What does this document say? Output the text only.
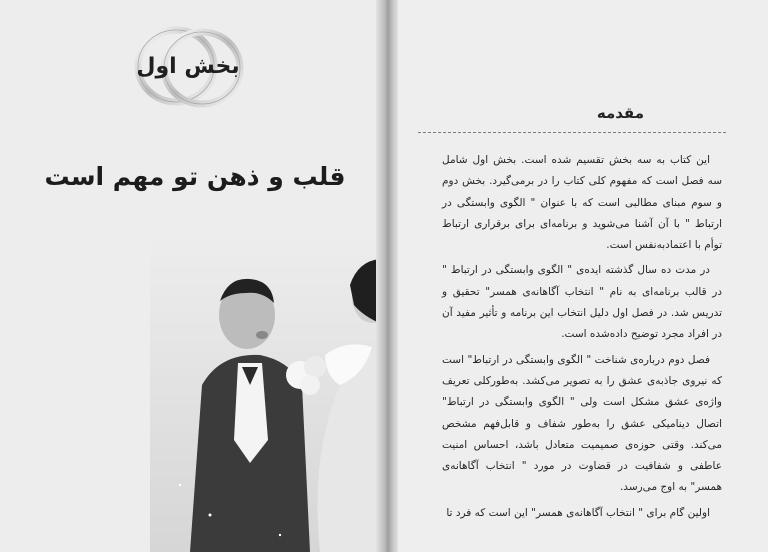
بخش اول
قلب و ذهن تو مهم است
مقدمه

این کتاب به سه بخش تقسیم شده است. بخش اول شامل سه فصل است که مفهوم کلی کتاب را در برمی‌گیرد. بخش دوم و سوم مبنای مطالبی است که با عنوان " الگوی وابستگی در ارتباط " با آن آشنا می‌شوید و برنامه‌ای برای برقراری ارتباط توأم با اعتمادبه‌نفس است.

در مدت ده سال گذشته ایده‌ی " الگوی وابستگی در ارتباط " در قالب برنامه‌ای به نام " انتخاب آگاهانه‌ی همسر" تحقیق و تدریس شد. در فصل اول دلیل انتخاب این برنامه و تأثیر مفید آن در افراد مجرد توضیح داده‌شده است.

فصل دوم درباره‌ی شناخت " الگوی وابستگی در ارتباط" است که نیروی جاذبه‌ی عشق را به تصویر می‌کشد. به‌طورکلی تعریف واژه‌ی عشق مشکل است ولی " الگوی وابستگی در ارتباط" اتصال دینامیکی عشق را به‌طور شفاف و قابل‌فهم مشخص می‌کند. وقتی حوزه‌ی صمیمیت متعادل باشد، احساس امنیت عاطفی و شفافیت در قضاوت در مورد " انتخاب آگاهانه‌ی همسر" به اوج می‌رسد.

اولین گام برای " انتخاب آگاهانه‌ی همسر" این است که فرد تا
